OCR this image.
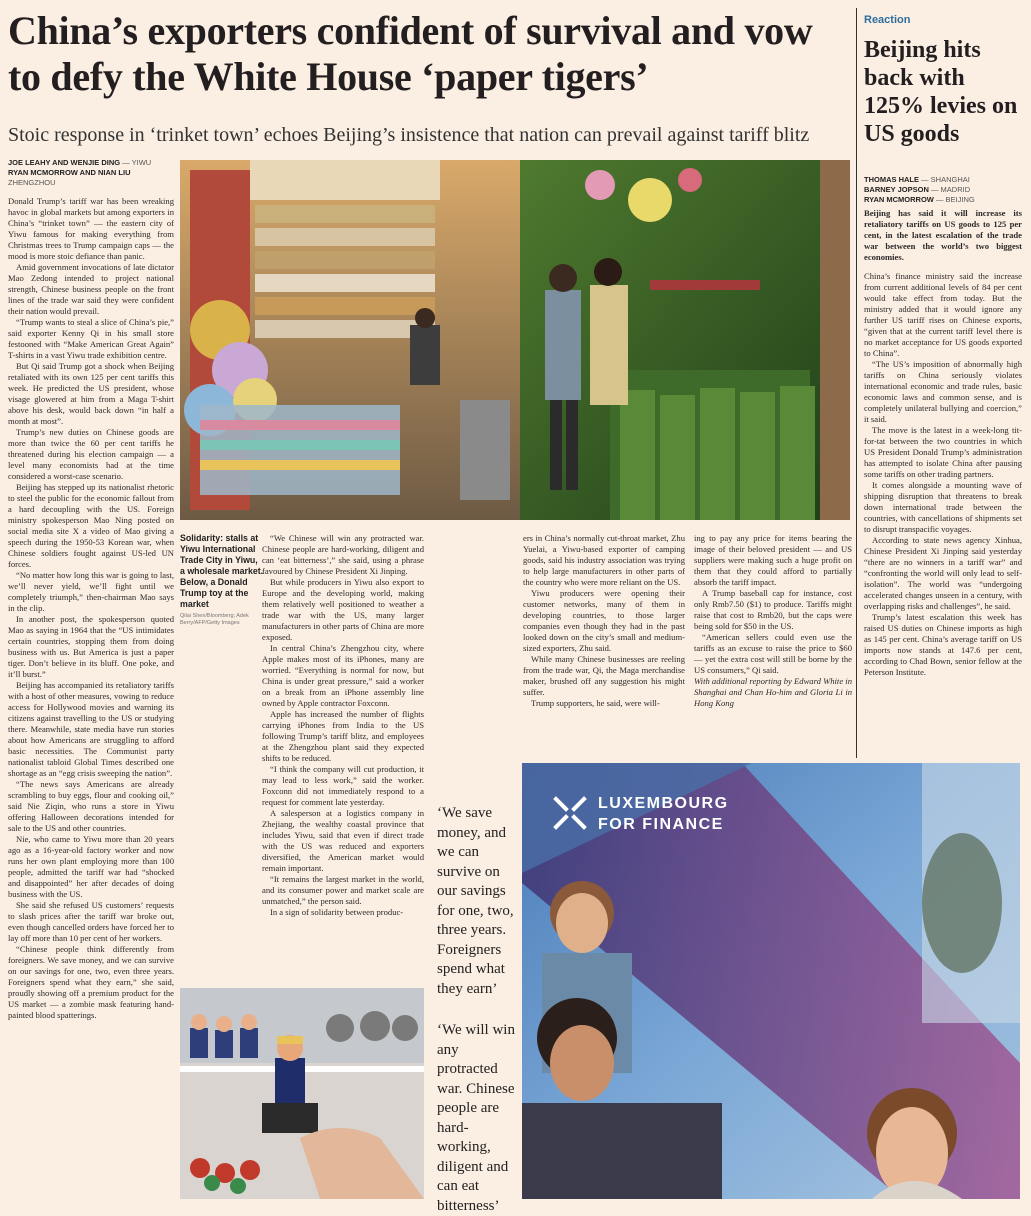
China’s exporters confident of survival and vow to defy the White House ‘paper tigers’
Stoic response in ‘trinket town’ echoes Beijing’s insistence that nation can prevail against tariff blitz
JOE LEAHY AND WENJIE DING — YIWU
RYAN MCMORROW AND NIAN LIU
ZHENGZHOU

Donald Trump’s tariff war has been wreaking havoc in global markets but among exporters in China’s “trinket town” — the eastern city of Yiwu famous for making everything from Christmas trees to Trump campaign caps — the mood is more stoic defiance than panic.

Amid government invocations of late dictator Mao Zedong intended to project national strength, Chinese business people on the front lines of the trade war said they were confident their nation would prevail.

“Trump wants to steal a slice of China’s pie,” said exporter Kenny Qi in his small store festooned with “Make American Great Again” T-shirts in a vast Yiwu trade exhibition centre.

But Qi said Trump got a shock when Beijing retaliated with its own 125 per cent tariffs this week. He predicted the US president, whose visage glowered at him from a Maga T-shirt above his desk, would back down “in half a month at most”.

Trump’s new duties on Chinese goods are more than twice the 60 per cent tariffs he threatened during his election campaign — a level many economists had at the time considered a worst-case scenario.

Beijing has stepped up its nationalist rhetoric to steel the public for the economic fallout from a hard decoupling with the US. Foreign ministry spokesperson Mao Ning posted on social media site X a video of Mao giving a speech during the 1950-53 Korean war, when Chinese soldiers fought against US-led UN forces.

“No matter how long this war is going to last, we’ll never yield, we’ll fight until we completely triumph,” then-chairman Mao says in the clip.

In another post, the spokesperson quoted Mao as saying in 1964 that the “US intimidates certain countries, stopping them from doing business with us. But America is just a paper tiger. Don’t believe in its bluff. One poke, and it’ll burst.”

Beijing has accompanied its retaliatory tariffs with a host of other measures, vowing to reduce access for Hollywood movies and warning its citizens against travelling to the US or studying there. Meanwhile, state media have run stories about how Americans are struggling to afford basic necessities. The Communist party nationalist tabloid Global Times described one shortage as an “egg crisis sweeping the nation”.

“The news says Americans are already scrambling to buy eggs, flour and cooking oil,” said Nie Ziqin, who runs a store in Yiwu offering Halloween decorations intended for sale to the US and other countries.

Nie, who came to Yiwu more than 20 years ago as a 16-year-old factory worker and now runs her own plant employing more than 100 people, admitted the tariff war had “shocked and disappointed” her after decades of doing business with the US.

She said she refused US customers’ requests to slash prices after the tariff war broke out, even though cancelled orders have forced her to lay off more than 10 per cent of her workers.

“Chinese people think differently from foreigners. We save money, and we can survive on our savings for one, two, even three years. Foreigners spend what they earn,” she said, proudly showing off a premium product for the US market — a zombie mask featuring hand-painted blood spatterings.

Solidarity: stalls at Yiwu International Trade City in Yiwu, a wholesale market. Below, a Donald Trump toy at the market
Qilai Shen/Bloomberg; Adek Berry/AFP/Getty Images

“We Chinese will win any protracted war. Chinese people are hard-working, diligent and can ‘eat bitterness’,” she said, using a phrase favoured by Chinese President Xi Jinping.

But while producers in Yiwu also export to Europe and the developing world, making them relatively well positioned to weather a trade war with the US, many larger manufacturers in other parts of China are more exposed.

In central China’s Zhengzhou city, where Apple makes most of its iPhones, many are worried. “Everything is normal for now, but China is under great pressure,” said a worker on a break from an iPhone assembly line owned by Apple contractor Foxconn.

Apple has increased the number of flights carrying iPhones from India to the US following Trump’s tariff blitz, and employees at the Zhengzhou plant said they expected shifts to be reduced.

“I think the company will cut production, it may lead to less work,” said the worker. Foxconn did not immediately respond to a request for comment late yesterday.

A salesperson at a logistics company in Zhejiang, the wealthy coastal province that includes Yiwu, said that even if direct trade with the US was reduced and exporters diversified, the American market would remain important.

“It remains the largest market in the world, and its consumer power and market scale are unmatched,” the person said.

In a sign of solidarity between produc-

‘We save money, and we can survive on our savings for one, two, three years. Foreigners spend what they earn’
‘We will win any protracted war. Chinese people are hard-working, diligent and can eat bitterness’

ers in China’s normally cut-throat market, Zhu Yuelai, a Yiwu-based exporter of camping goods, said his industry association was trying to help large manufacturers in other parts of the country who were more reliant on the US.

Yiwu producers were opening their customer networks, many of them in developing countries, to those larger companies even though they had in the past looked down on the city’s small and medium-sized exporters, Zhu said.

While many Chinese businesses are reeling from the trade war, Qi, the Maga merchandise maker, brushed off any suggestion his might suffer.

Trump supporters, he said, were will-

ing to pay any price for items bearing the image of their beloved president — and US suppliers were making such a huge profit on them that they could afford to partially absorb the tariff impact.

A Trump baseball cap for instance, cost only Rmb7.50 ($1) to produce. Tariffs might raise that cost to Rmb20, but the caps were being sold for $50 in the US.

“American sellers could even use the tariffs as an excuse to raise the price to $60 — yet the extra cost will still be borne by the US consumers,” Qi said.

With additional reporting by Edward White in Shanghai and Chan Ho-him and Gloria Li in Hong Kong

Reaction
Beijing hits back with 125% levies on US goods
THOMAS HALE — SHANGHAI
BARNEY JOPSON — MADRID
RYAN MCMORROW — BEIJING

Beijing has said it will increase its retaliatory tariffs on US goods to 125 per cent, in the latest escalation of the trade war between the world’s two biggest economies.

China’s finance ministry said the increase from current additional levels of 84 per cent would take effect from today. But the ministry added that it would ignore any further US tariff rises on Chinese exports, “given that at the current tariff level there is no market acceptance for US goods exported to China”.

“The US’s imposition of abnormally high tariffs on China seriously violates international economic and trade rules, basic economic laws and common sense, and is completely unilateral bullying and coercion,” it said.

The move is the latest in a week-long tit-for-tat between the two countries in which US President Donald Trump’s administration has attempted to isolate China after pausing some tariffs on other trading partners.

It comes alongside a mounting wave of shipping disruption that threatens to break down international trade between the countries, with cancellations of shipments set to disrupt transpacific voyages.

According to state news agency Xinhua, Chinese President Xi Jinping said yesterday “there are no winners in a tariff war” and “confronting the world will only lead to self-isolation”. The world was “undergoing accelerated changes unseen in a century, with overlapping risks and challenges”, he said.

Trump’s latest escalation this week has raised US duties on Chinese imports as high as 145 per cent. China’s average tariff on US imports now stands at 147.6 per cent, according to Chad Bown, senior fellow at the Peterson Institute.

LUXEMBOURG
FOR FINANCE
